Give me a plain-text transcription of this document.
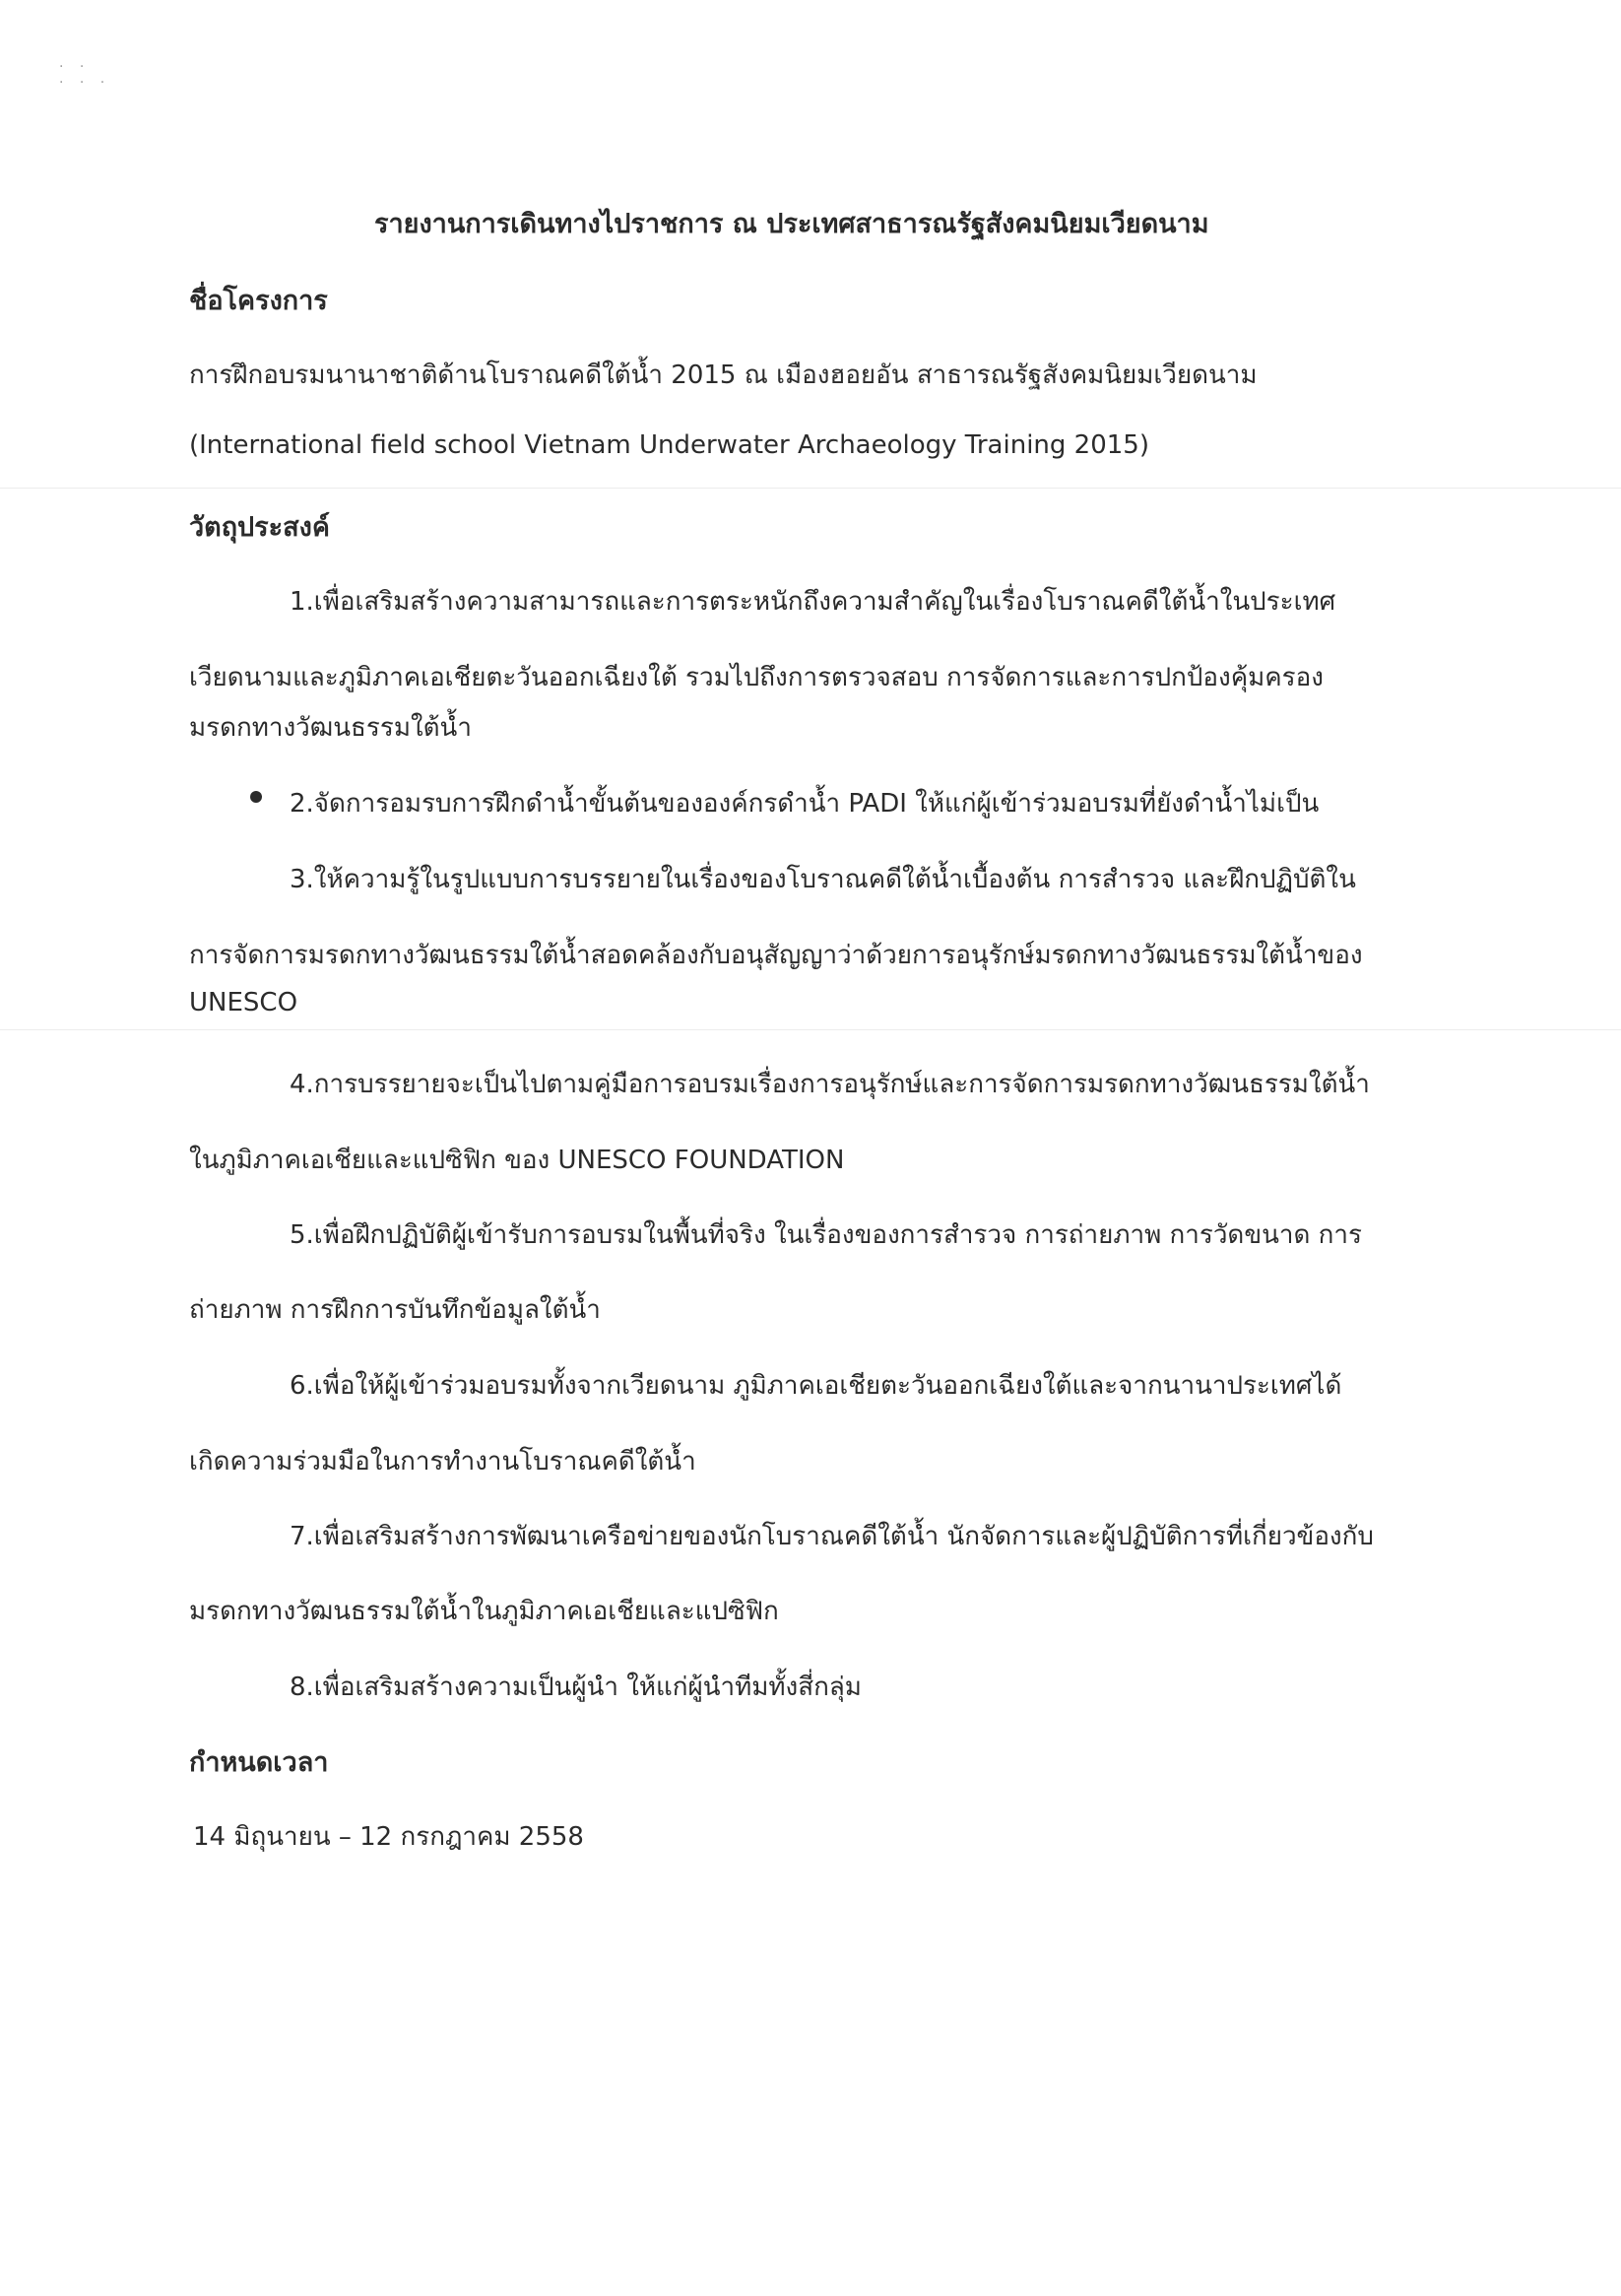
· ·
· · ·
รายงานการเดินทางไปราชการ ณ ประเทศสาธารณรัฐสังคมนิยมเวียดนาม
ชื่อโครงการ
การฝึกอบรมนานาชาติด้านโบราณคดีใต้น้ำ 2015 ณ เมืองฮอยอัน สาธารณรัฐสังคมนิยมเวียดนาม
(International field school Vietnam Underwater Archaeology Training 2015)
วัตถุประสงค์
1.เพื่อเสริมสร้างความสามารถและการตระหนักถึงความสำคัญในเรื่องโบราณคดีใต้น้ำในประเทศ
เวียดนามและภูมิภาคเอเชียตะวันออกเฉียงใต้ รวมไปถึงการตรวจสอบ การจัดการและการปกป้องคุ้มครอง
มรดกทางวัฒนธรรมใต้น้ำ
2.จัดการอมรบการฝึกดำน้ำขั้นต้นขององค์กรดำน้ำ PADI ให้แก่ผู้เข้าร่วมอบรมที่ยังดำน้ำไม่เป็น
3.ให้ความรู้ในรูปแบบการบรรยายในเรื่องของโบราณคดีใต้น้ำเบื้องต้น การสำรวจ และฝึกปฏิบัติใน
การจัดการมรดกทางวัฒนธรรมใต้น้ำสอดคล้องกับอนุสัญญาว่าด้วยการอนุรักษ์มรดกทางวัฒนธรรมใต้น้ำของ
UNESCO
4.การบรรยายจะเป็นไปตามคู่มือการอบรมเรื่องการอนุรักษ์และการจัดการมรดกทางวัฒนธรรมใต้น้ำ
ในภูมิภาคเอเชียและแปซิฟิก ของ UNESCO FOUNDATION
5.เพื่อฝึกปฏิบัติผู้เข้ารับการอบรมในพื้นที่จริง ในเรื่องของการสำรวจ การถ่ายภาพ การวัดขนาด การ
ถ่ายภาพ การฝึกการบันทึกข้อมูลใต้น้ำ
6.เพื่อให้ผู้เข้าร่วมอบรมทั้งจากเวียดนาม ภูมิภาคเอเชียตะวันออกเฉียงใต้และจากนานาประเทศได้
เกิดความร่วมมือในการทำงานโบราณคดีใต้น้ำ
7.เพื่อเสริมสร้างการพัฒนาเครือข่ายของนักโบราณคดีใต้น้ำ นักจัดการและผู้ปฏิบัติการที่เกี่ยวข้องกับ
มรดกทางวัฒนธรรมใต้น้ำในภูมิภาคเอเชียและแปซิฟิก
8.เพื่อเสริมสร้างความเป็นผู้นำ ให้แก่ผู้นำทีมทั้งสี่กลุ่ม
กำหนดเวลา
14 มิถุนายน – 12 กรกฎาคม 2558
